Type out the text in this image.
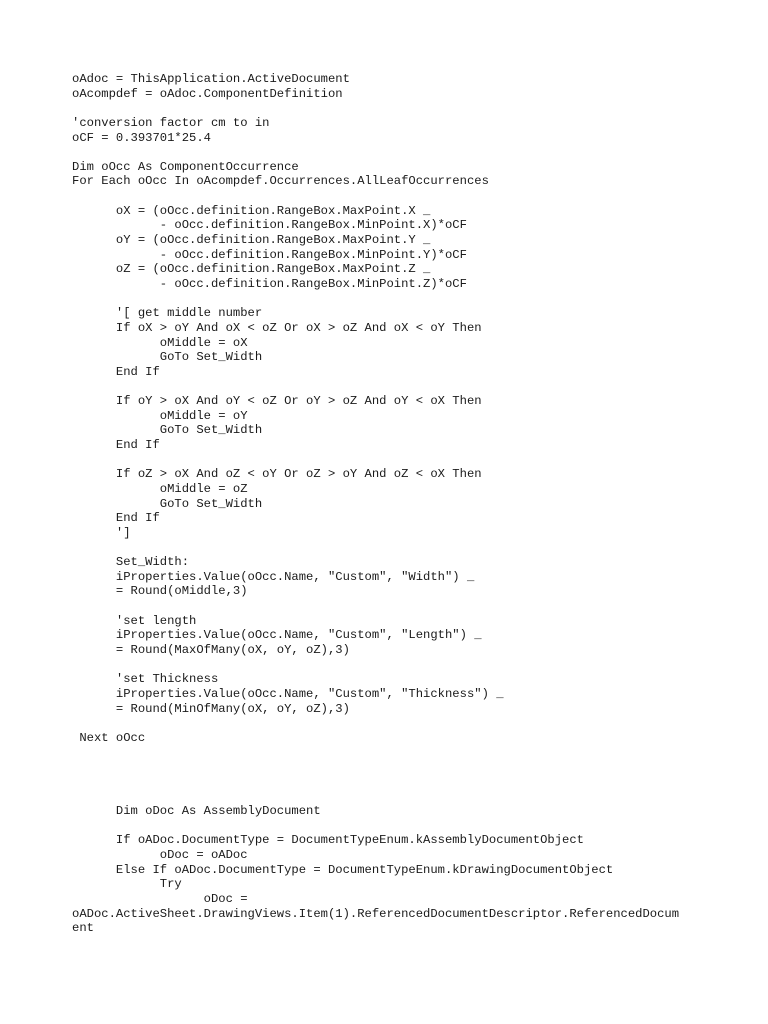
oAdoc = ThisApplication.ActiveDocument
oAcompdef = oAdoc.ComponentDefinition
'conversion factor cm to in
oCF = 0.393701*25.4
Dim oOcc As ComponentOccurrence
For Each oOcc In oAcompdef.Occurrences.AllLeafOccurrences
oX = (oOcc.definition.RangeBox.MaxPoint.X _
- oOcc.definition.RangeBox.MinPoint.X)*oCF
oY = (oOcc.definition.RangeBox.MaxPoint.Y _
- oOcc.definition.RangeBox.MinPoint.Y)*oCF
oZ = (oOcc.definition.RangeBox.MaxPoint.Z _
- oOcc.definition.RangeBox.MinPoint.Z)*oCF
'[ get middle number
If oX > oY And oX < oZ Or oX > oZ And oX < oY Then
oMiddle = oX
GoTo Set_Width
End If
If oY > oX And oY < oZ Or oY > oZ And oY < oX Then
oMiddle = oY
GoTo Set_Width
End If
If oZ > oX And oZ < oY Or oZ > oY And oZ < oX Then
oMiddle = oZ
GoTo Set_Width
End If
']
Set_Width:
iProperties.Value(oOcc.Name, "Custom", "Width") _
= Round(oMiddle,3)
'set length
iProperties.Value(oOcc.Name, "Custom", "Length") _
= Round(MaxOfMany(oX, oY, oZ),3)
'set Thickness
iProperties.Value(oOcc.Name, "Custom", "Thickness") _
= Round(MinOfMany(oX, oY, oZ),3)
Next oOcc
Dim oDoc As AssemblyDocument
If oADoc.DocumentType = DocumentTypeEnum.kAssemblyDocumentObject
oDoc = oADoc
Else If oADoc.DocumentType = DocumentTypeEnum.kDrawingDocumentObject
Try
oDoc =
oADoc.ActiveSheet.DrawingViews.Item(1).ReferencedDocumentDescriptor.ReferencedDocum
ent
